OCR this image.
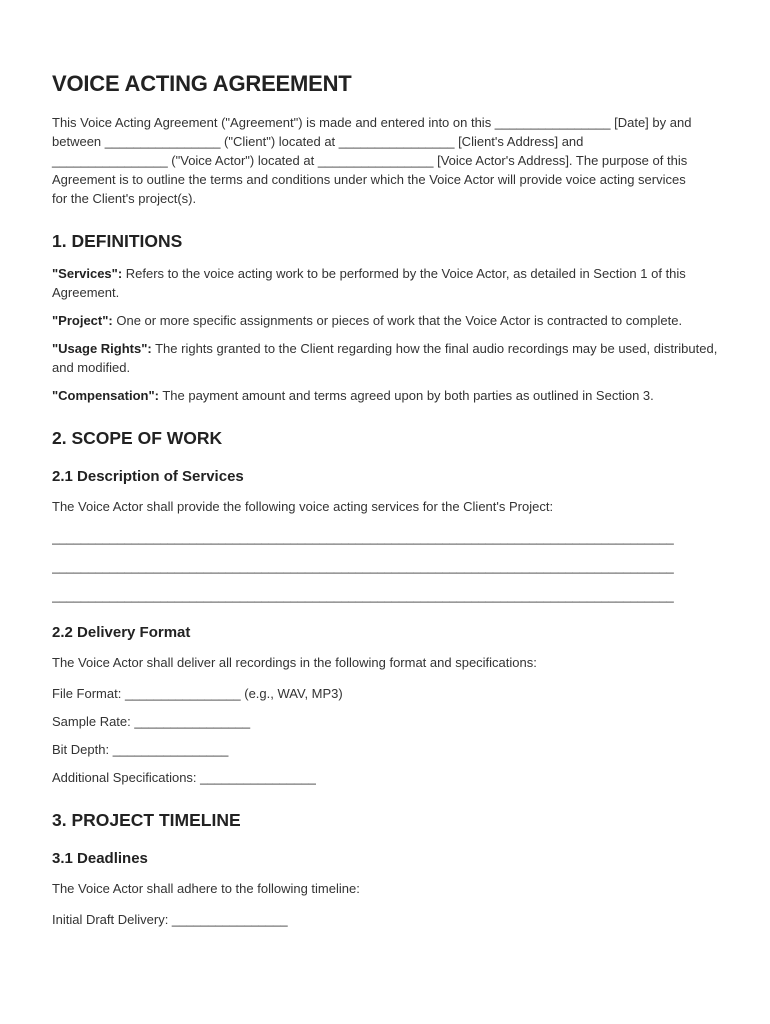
VOICE ACTING AGREEMENT

This Voice Acting Agreement ("Agreement") is made and entered into on this ________________ [Date] by and between ________________ ("Client") located at ________________ [Client's Address] and ________________ ("Voice Actor") located at ________________ [Voice Actor's Address]. The purpose of this Agreement is to outline the terms and conditions under which the Voice Actor will provide voice acting services for the Client's project(s).

1. DEFINITIONS

"Services": Refers to the voice acting work to be performed by the Voice Actor, as detailed in Section 1 of this Agreement.

"Project": One or more specific assignments or pieces of work that the Voice Actor is contracted to complete.

"Usage Rights": The rights granted to the Client regarding how the final audio recordings may be used, distributed, and modified.

"Compensation": The payment amount and terms agreed upon by both parties as outlined in Section 3.

2. SCOPE OF WORK
2.1 Description of Services

The Voice Actor shall provide the following voice acting services for the Client's Project:

______________________________________________________________________________________
______________________________________________________________________________________
______________________________________________________________________________________
2.2 Delivery Format

The Voice Actor shall deliver all recordings in the following format and specifications:

File Format: ________________ (e.g., WAV, MP3)

Sample Rate: ________________

Bit Depth: ________________

Additional Specifications: ________________

3. PROJECT TIMELINE
3.1 Deadlines

The Voice Actor shall adhere to the following timeline:

Initial Draft Delivery: ________________
